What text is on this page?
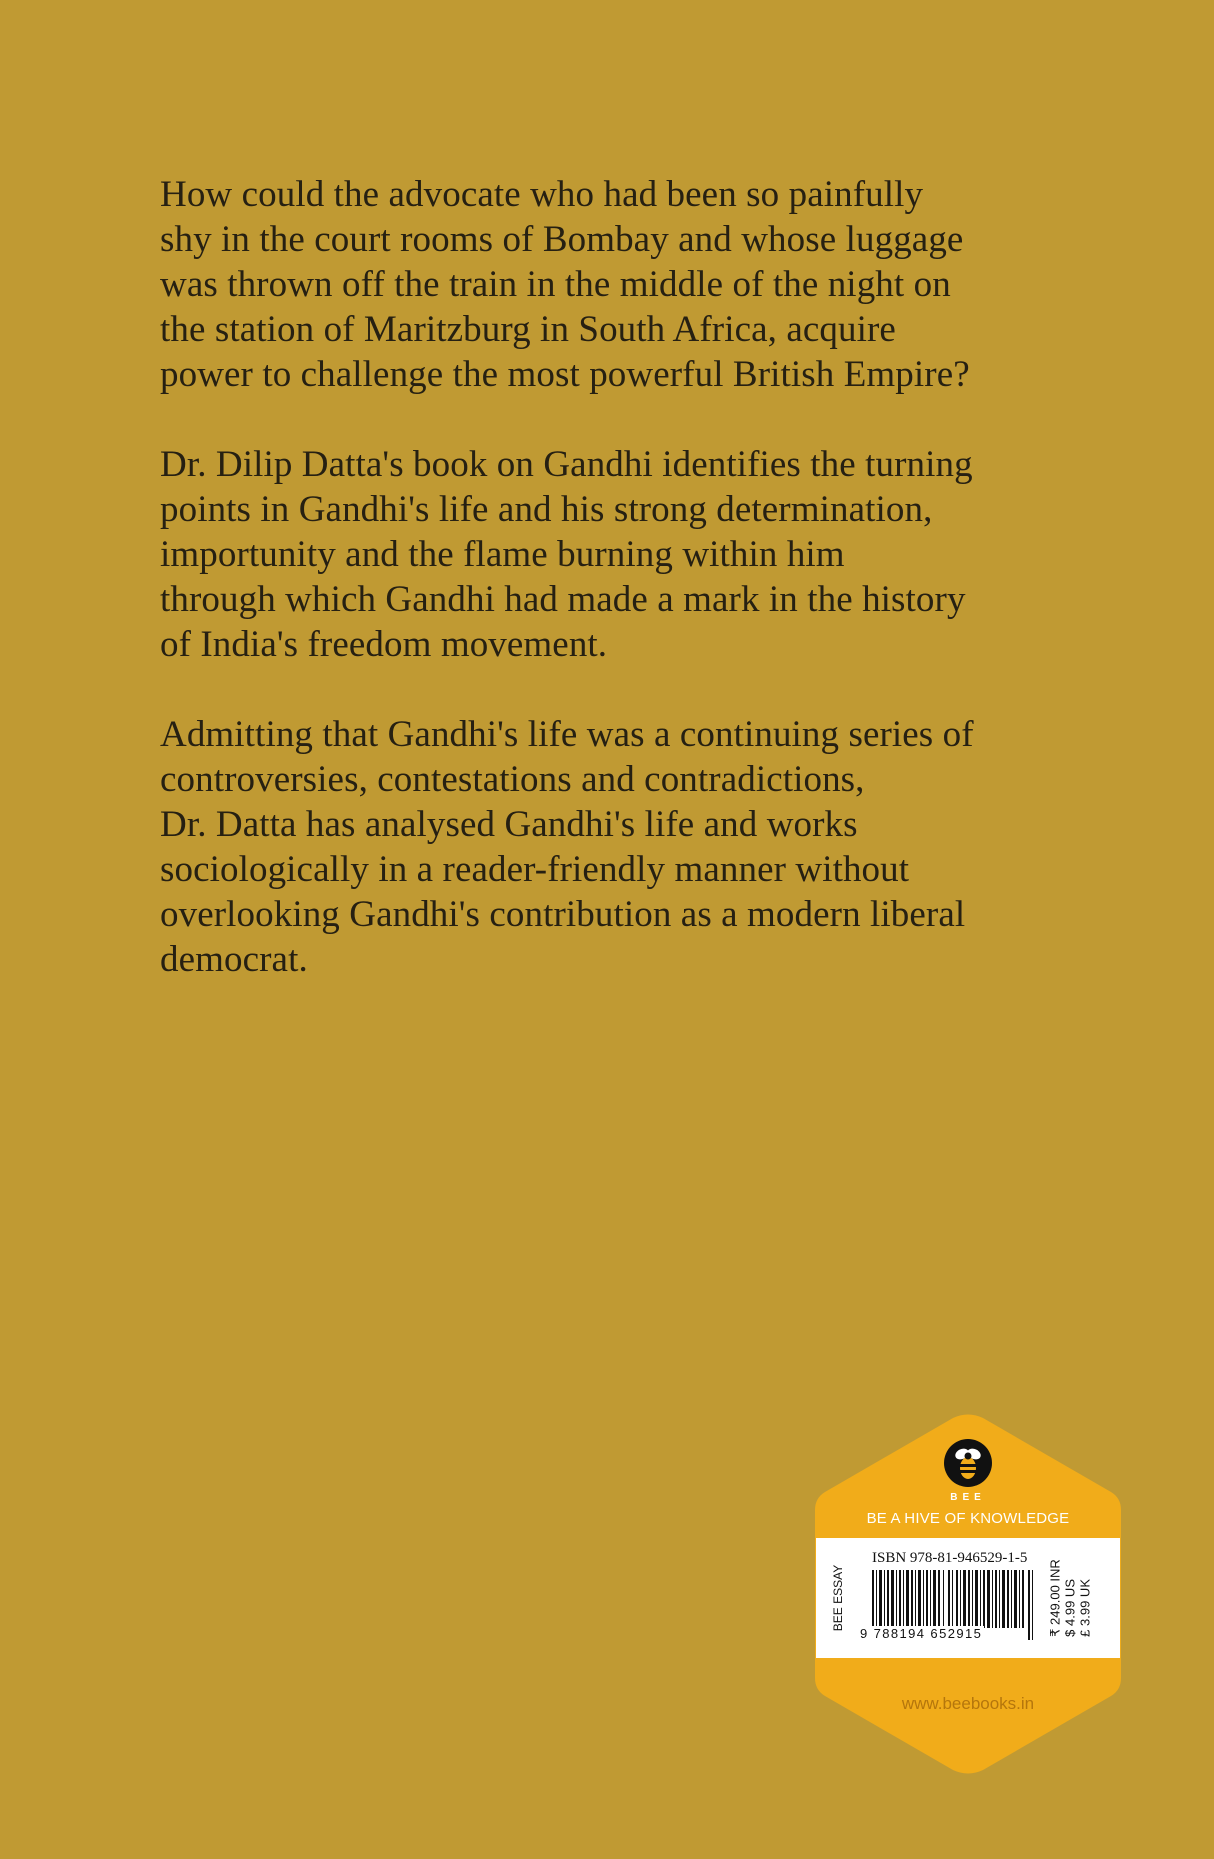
How could the advocate who had been so painfully
shy in the court rooms of Bombay and whose luggage
was thrown off the train in the middle of the night on
the station of Maritzburg in South Africa, acquire
power to challenge the most powerful British Empire?

Dr. Dilip Datta's book on Gandhi identifies the turning
points in Gandhi's life and his strong determination,
importunity and the flame burning within him
through which Gandhi had made a mark in the history
of India's freedom movement.

Admitting that Gandhi's life was a continuing series of
controversies, contestations and contradictions,
Dr. Datta has analysed Gandhi's life and works
sociologically in a reader-friendly manner without
overlooking Gandhi's contribution as a modern liberal
democrat.

BEE
BE A HIVE OF KNOWLEDGE
BEE ESSAY
ISBN 978-81-946529-1-5
9 788194 652915	₹ 249.00 INR $ 4.99 US £ 3.99 UK
www.beebooks.in
